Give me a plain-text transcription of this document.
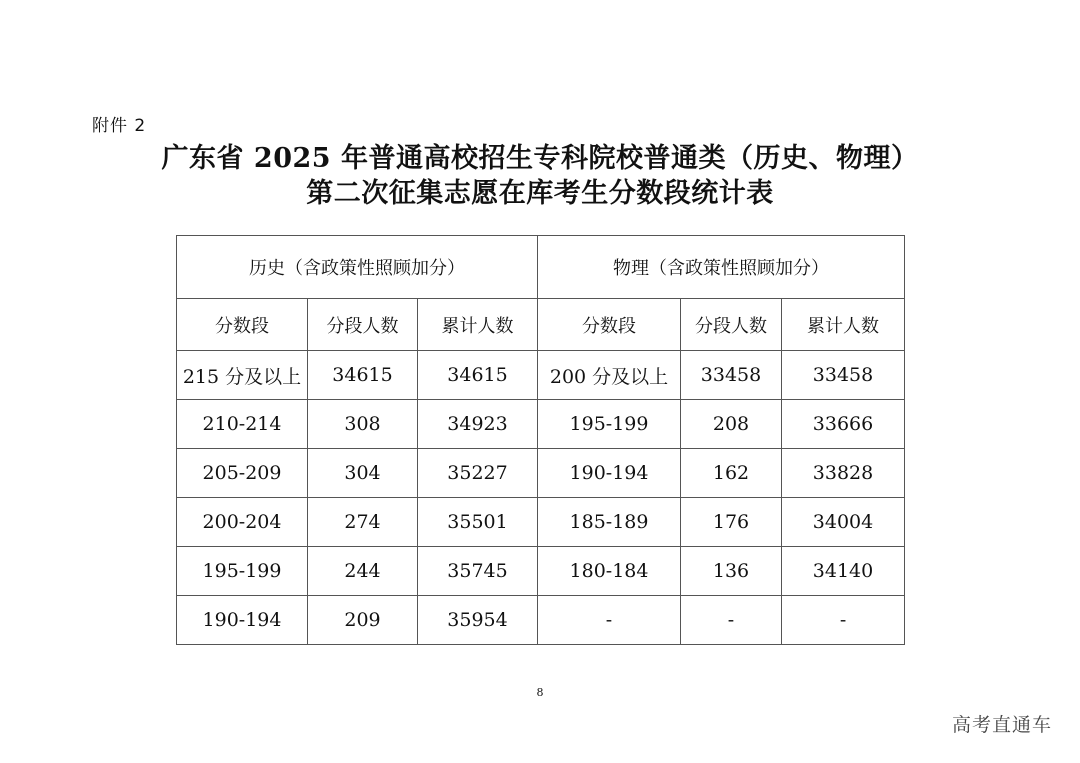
附件 2
广东省 2025 年普通高校招生专科院校普通类（历史、物理）
第二次征集志愿在库考生分数段统计表
历史（含政策性照顾加分）			物理（含政策性照顾加分）		
分数段	分段人数	累计人数	分数段	分段人数	累计人数
215 分及以上	34615	34615	200 分及以上	33458	33458
210-214	308	34923	195-199	208	33666
205-209	304	35227	190-194	162	33828
200-204	274	35501	185-189	176	34004
195-199	244	35745	180-184	136	34140
190-194	209	35954	-	-	-
8
高考直通车
